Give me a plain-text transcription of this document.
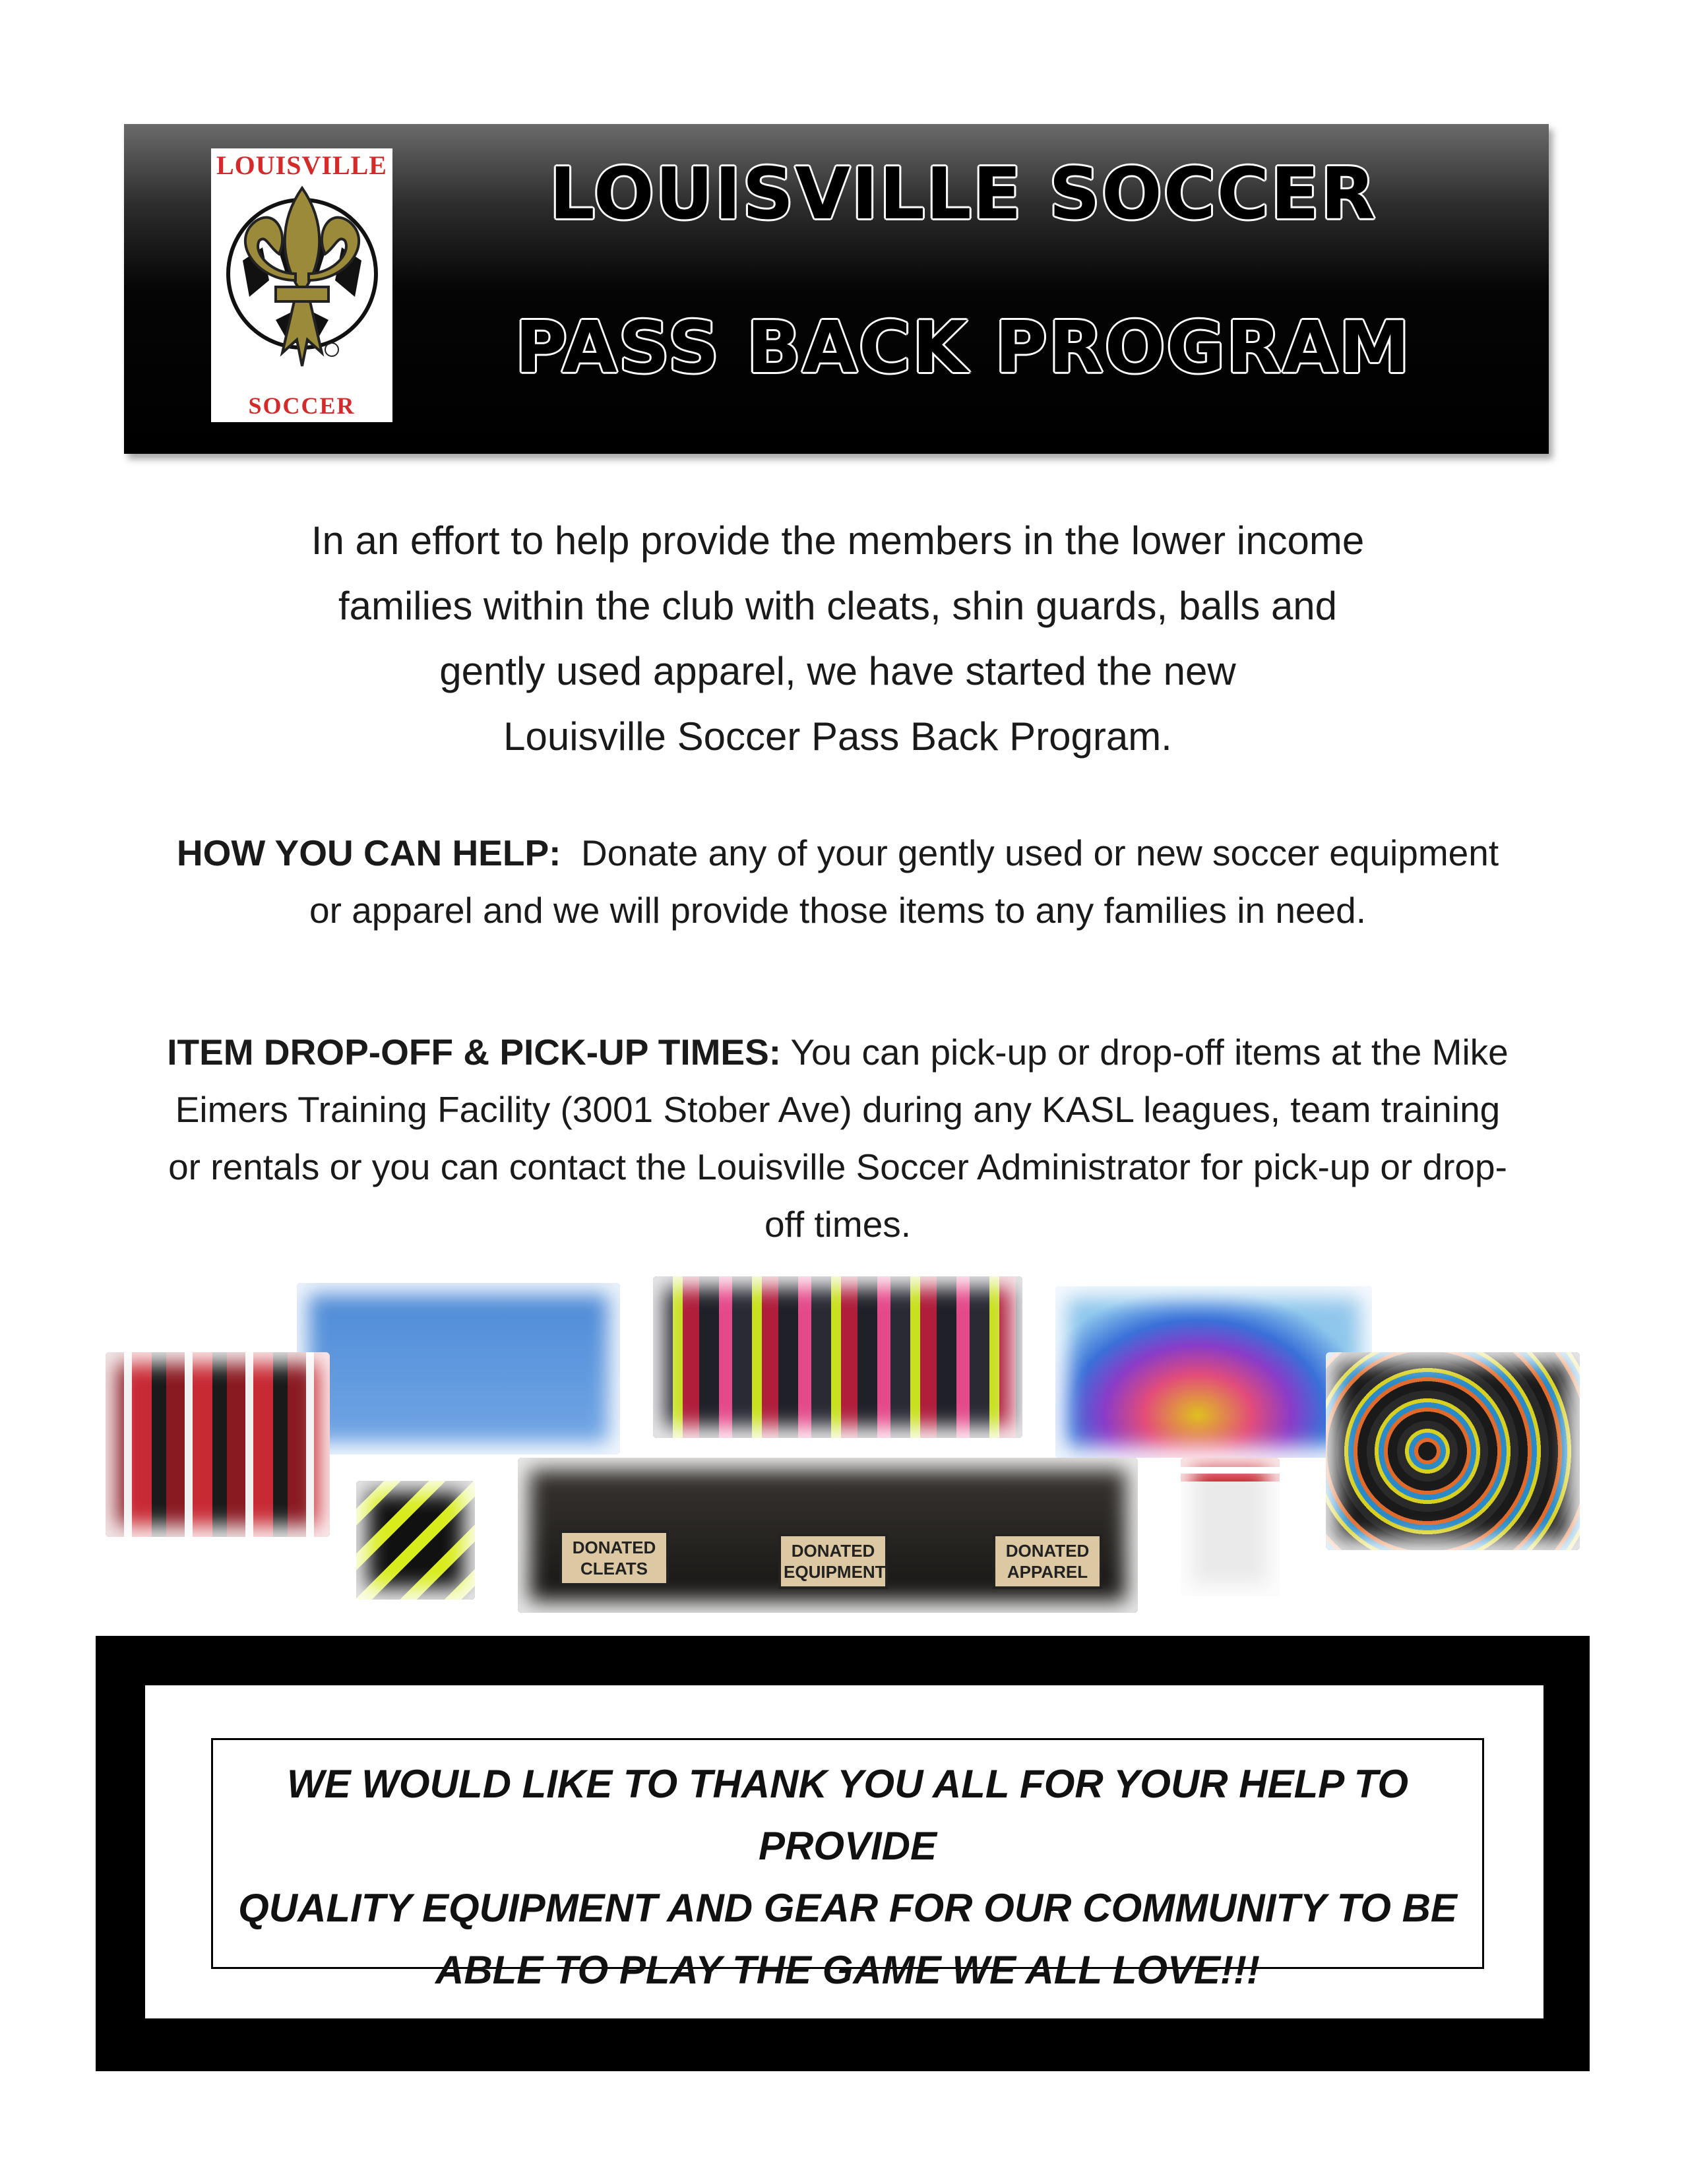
LOUISVILLE
SOCCER
LOUISVILLE SOCCER
PASS BACK PROGRAM
In an effort to help provide the members in the lower income
families within the club with cleats, shin guards, balls and
gently used apparel, we have started the new
Louisville Soccer Pass Back Program.
HOW YOU CAN HELP: Donate any of your gently used or new soccer equipment or apparel and we will provide those items to any families in need.
ITEM DROP-OFF & PICK-UP TIMES: You can pick-up or drop-off items at the Mike Eimers Training Facility (3001 Stober Ave) during any KASL leagues, team training or rentals or you can contact the Louisville Soccer Administrator for pick-up or drop-off times.
DONATED
CLEATS
DONATED
EQUIPMENT
DONATED
APPAREL
WE WOULD LIKE TO THANK YOU ALL FOR YOUR HELP TO PROVIDE
QUALITY EQUIPMENT AND GEAR FOR OUR COMMUNITY TO BE
ABLE TO PLAY THE GAME WE ALL LOVE!!!
